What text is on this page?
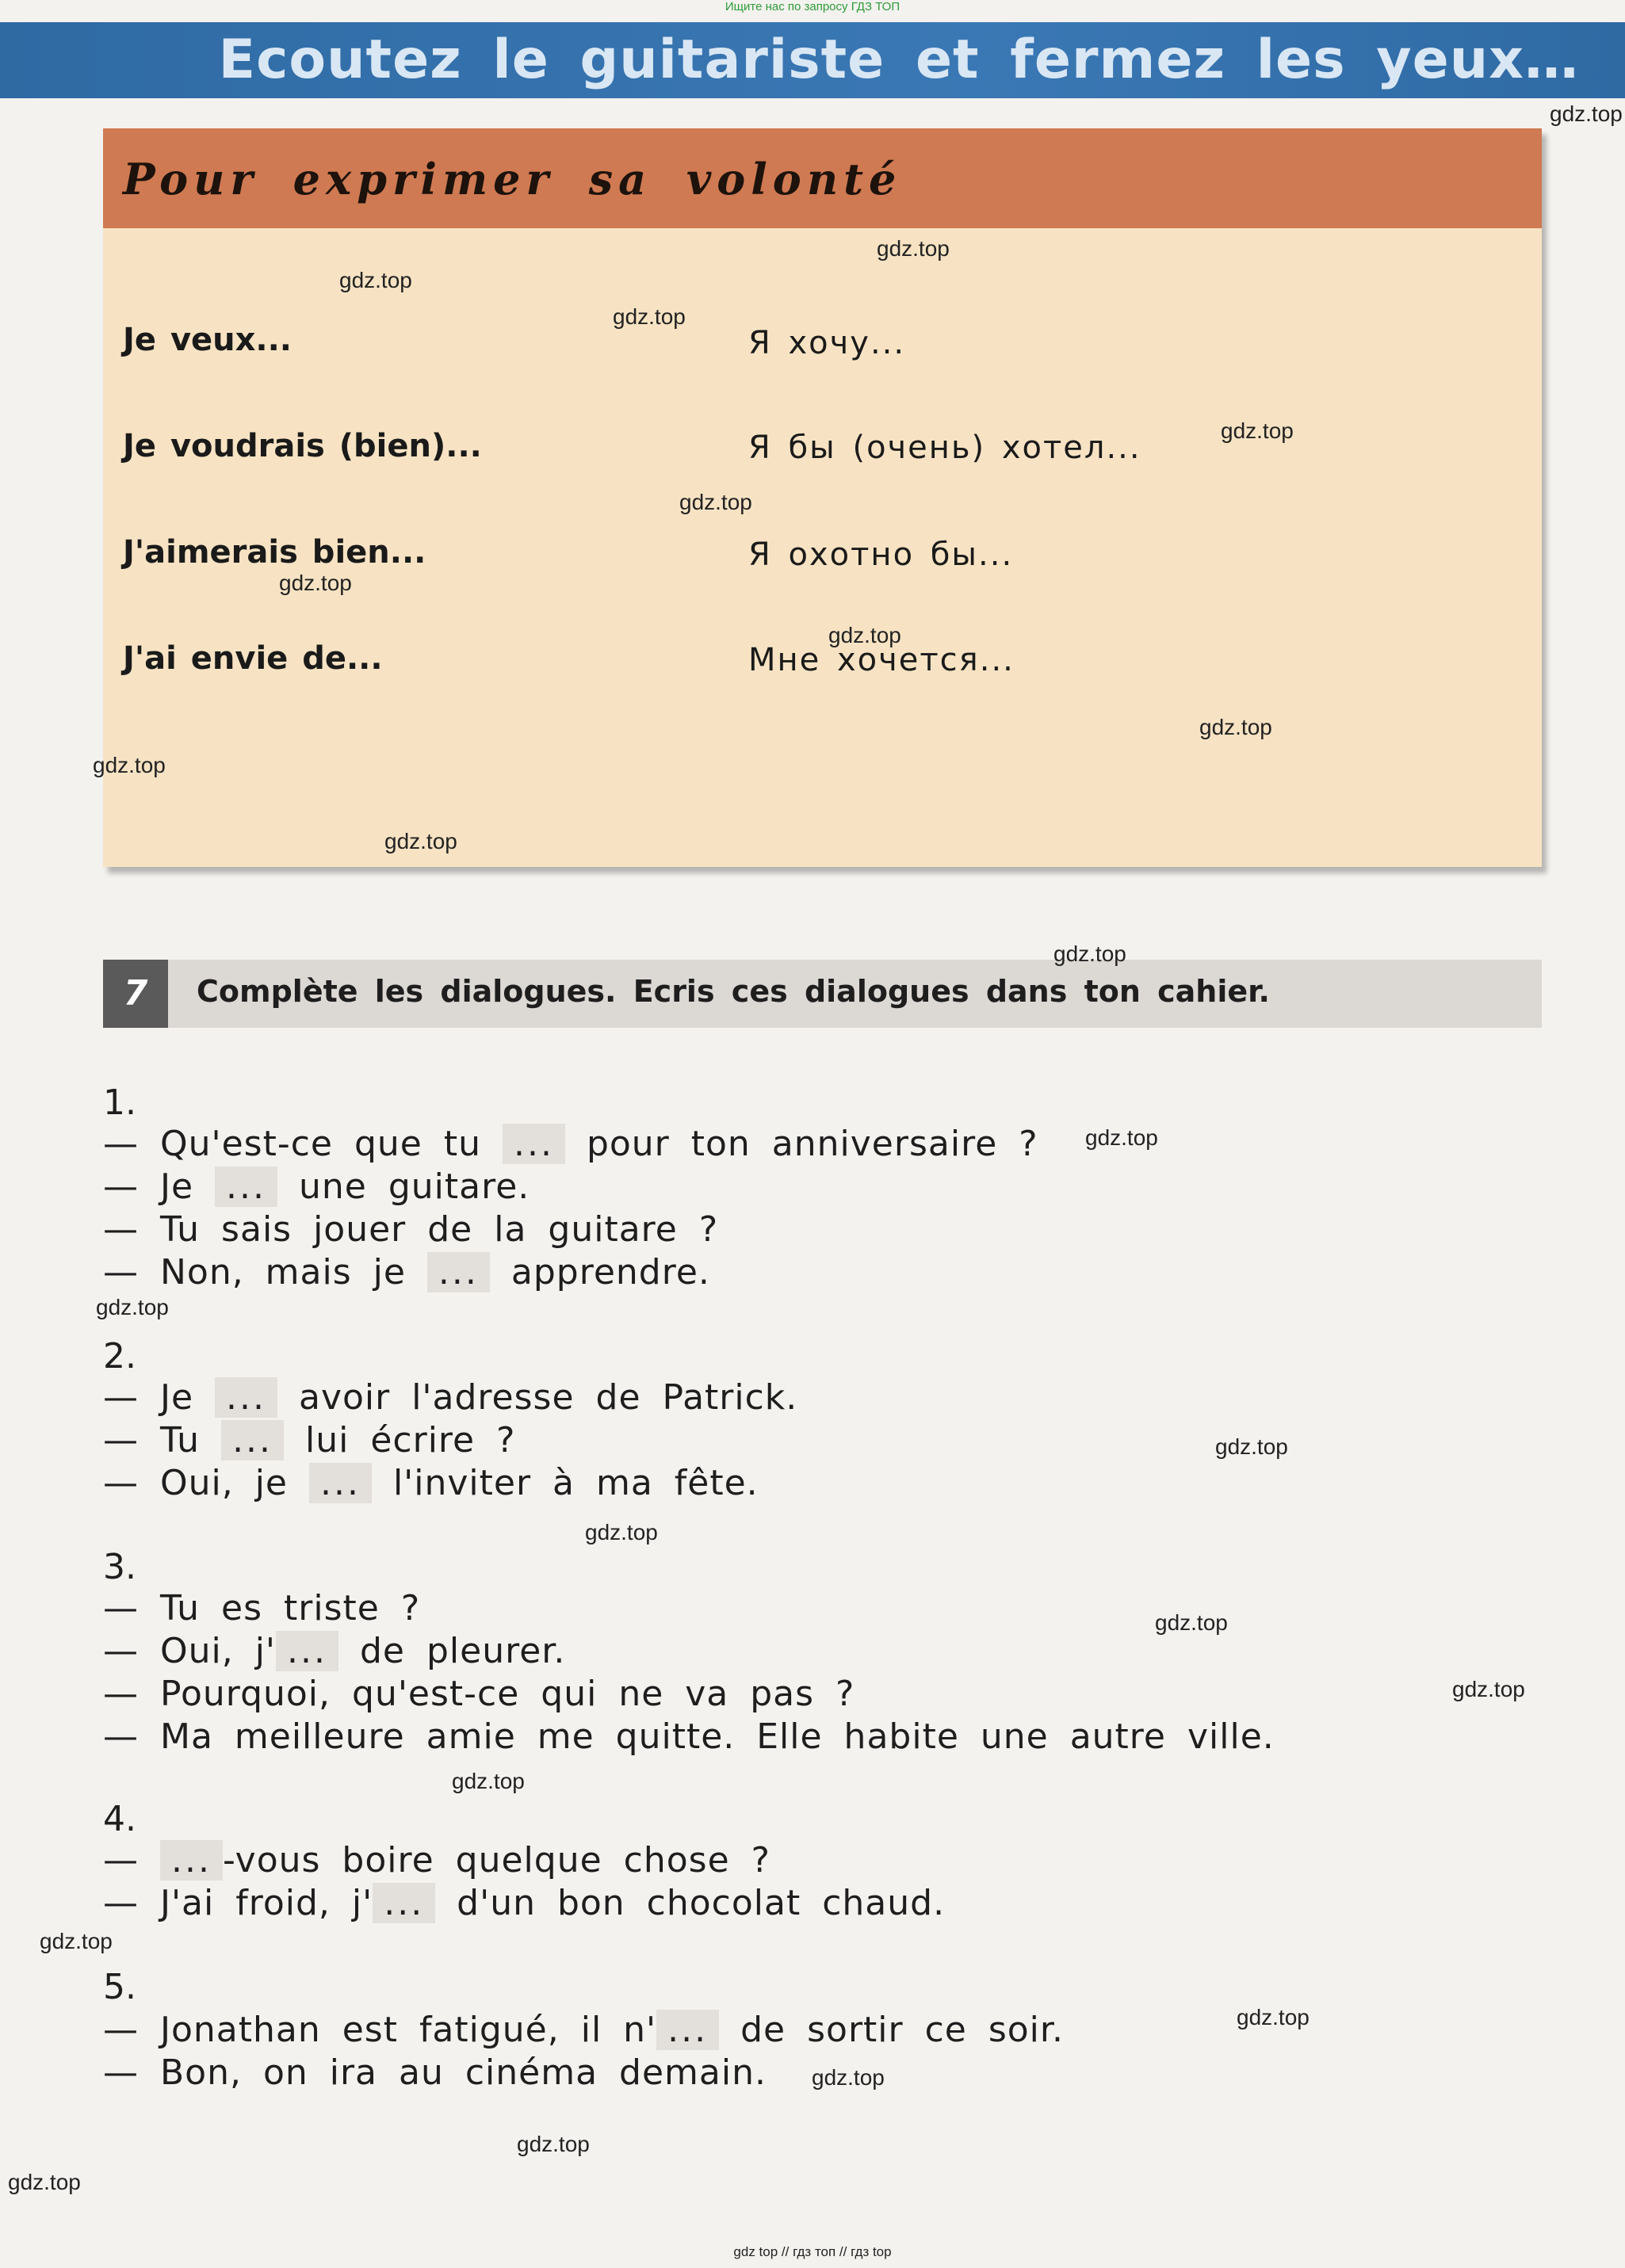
Ищите нас по запросу ГДЗ ТОП
Ecoutez le guitariste et fermez les yeux…
Pour exprimer sa volonté
Je veux...	Я хочу...
Je voudrais (bien)...	Я бы (очень) хотел...
J'aimerais bien...	Я охотно бы...
J'ai envie de...	Мне хочется...
7	Complète les dialogues. Ecris ces dialogues dans ton cahier.
1.
— Qu'est-ce que tu ... pour ton anniversaire ?
— Je ... une guitare.
— Tu sais jouer de la guitare ?
— Non, mais je ... apprendre.
2.
— Je ... avoir l'adresse de Patrick.
— Tu ... lui écrire ?
— Oui, je ... l'inviter à ma fête.
3.
— Tu es triste ?
— Oui, j' ... de pleurer.
— Pourquoi, qu'est-ce qui ne va pas ?
— Ma meilleure amie me quitte. Elle habite une autre ville.
4.
— ... -vous boire quelque chose ?
— J'ai froid, j' ... d'un bon chocolat chaud.
5.
— Jonathan est fatigué, il n' ... de sortir ce soir.
— Bon, on ira au cinéma demain.
gdz.top
gdz.top
gdz.top
gdz.top
gdz.top
gdz.top
gdz.top
gdz.top
gdz.top
gdz.top
gdz.top
gdz.top
gdz.top
gdz.top
gdz.top
gdz.top
gdz.top
gdz.top
gdz.top
gdz.top
gdz.top
gdz.top
gdz.top
gdz.top
gdz top // гдз топ // гдз top
